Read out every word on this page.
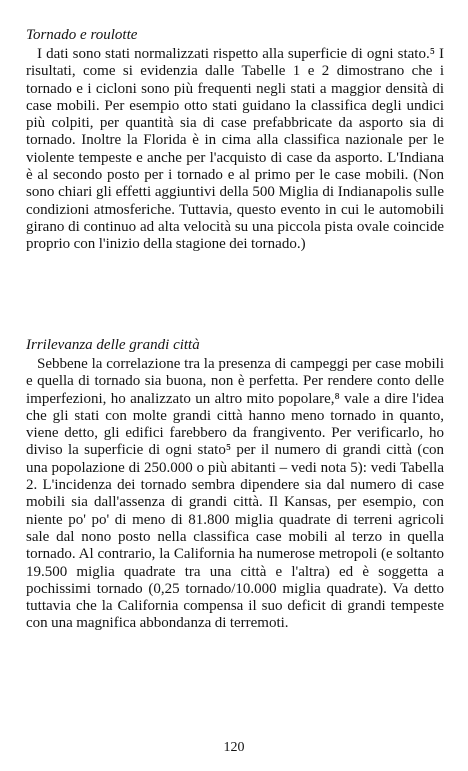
Tornado e roulotte

I dati sono stati normalizzati rispetto alla superficie di ogni stato.⁵ I risultati, come si evidenzia dalle Tabelle 1 e 2 dimostrano che i tornado e i cicloni sono più frequenti negli stati a maggior densità di case mobili. Per esempio otto stati guidano la classifica degli undici più colpiti, per quantità sia di case prefabbricate da asporto sia di tornado. Inoltre la Florida è in cima alla classifica nazionale per le violente tempeste e anche per l'acquisto di case da asporto. L'Indiana è al secondo posto per i tornado e al primo per le case mobili. (Non sono chiari gli effetti aggiuntivi della 500 Miglia di Indianapolis sulle condizioni atmosferiche. Tuttavia, questo evento in cui le automobili girano di continuo ad alta velocità su una piccola pista ovale coincide proprio con l'inizio della stagione dei tornado.)

Irrilevanza delle grandi città

Sebbene la correlazione tra la presenza di campeggi per case mobili e quella di tornado sia buona, non è perfetta. Per rendere conto delle imperfezioni, ho analizzato un altro mito popolare,⁸ vale a dire l'idea che gli stati con molte grandi città hanno meno tornado in quanto, viene detto, gli edifici farebbero da frangivento. Per verificarlo, ho diviso la superficie di ogni stato⁵ per il numero di grandi città (con una popolazione di 250.000 o più abitanti – vedi nota 5): vedi Tabella 2. L'incidenza dei tornado sembra dipendere sia dal numero di case mobili sia dall'assenza di grandi città. Il Kansas, per esempio, con niente po' po' di meno di 81.800 miglia quadrate di terreni agricoli sale dal nono posto nella classifica case mobili al terzo in quella tornado. Al contrario, la California ha numerose metropoli (e soltanto 19.500 miglia quadrate tra una città e l'altra) ed è soggetta a pochissimi tornado (0,25 tornado/10.000 miglia quadrate). Va detto tuttavia che la California compensa il suo deficit di grandi tempeste con una magnifica abbondanza di terremoti.

120
